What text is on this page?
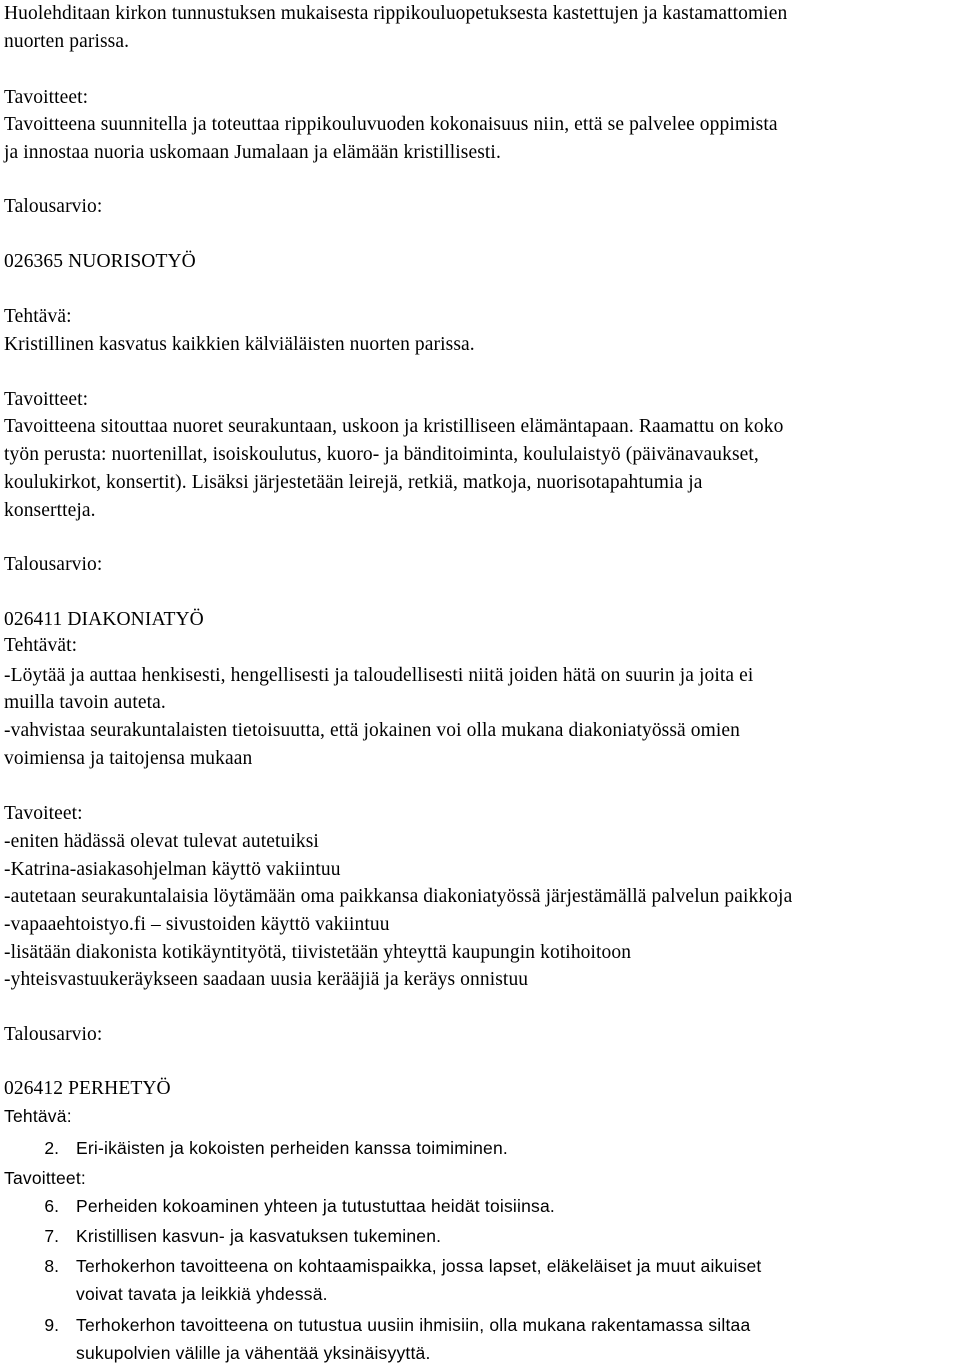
Huolehditaan kirkon tunnustuksen mukaisesta rippikouluopetuksesta kastettujen ja kastamattomien

nuorten parissa.

Tavoitteet:

Tavoitteena suunnitella ja toteuttaa rippikouluvuoden kokonaisuus niin, että se palvelee oppimista

ja innostaa nuoria uskomaan Jumalaan ja elämään kristillisesti.

Talousarvio:

026365 NUORISOTYÖ

Tehtävä:

Kristillinen kasvatus kaikkien kälviäläisten nuorten parissa.

Tavoitteet:

Tavoitteena sitouttaa nuoret seurakuntaan, uskoon ja kristilliseen elämäntapaan. Raamattu on koko

työn perusta: nuortenillat, isoiskoulutus, kuoro- ja bänditoiminta, koululaistyö (päivänavaukset,

koulukirkot, konsertit). Lisäksi järjestetään leirejä, retkiä, matkoja, nuorisotapahtumia ja

konsertteja.

Talousarvio:

026411 DIAKONIATYÖ

Tehtävät:

-Löytää ja auttaa henkisesti, hengellisesti ja taloudellisesti niitä joiden hätä on suurin ja joita ei

muilla tavoin auteta.

-vahvistaa seurakuntalaisten tietoisuutta, että jokainen voi olla mukana diakoniatyössä omien

voimiensa ja taitojensa mukaan

Tavoiteet:

-eniten hädässä olevat tulevat autetuiksi

-Katrina-asiakasohjelman käyttö vakiintuu

-autetaan seurakuntalaisia löytämään oma paikkansa diakoniatyössä järjestämällä palvelun paikkoja

-vapaaehtoistyo.fi – sivustoiden käyttö vakiintuu

-lisätään diakonista kotikäyntityötä, tiivistetään yhteyttä kaupungin kotihoitoon

-yhteisvastuukeräykseen saadaan uusia kerääjiä ja keräys onnistuu

Talousarvio:

026412 PERHETYÖ

Tehtävä:

2. Eri-ikäisten ja kokoisten perheiden kanssa toimiminen.

Tavoitteet:

6. Perheiden kokoaminen yhteen ja tutustuttaa heidät toisiinsa.

7. Kristillisen kasvun- ja kasvatuksen tukeminen.

8. Terhokerhon tavoitteena on kohtaamispaikka, jossa lapset, eläkeläiset ja muut aikuiset

voivat tavata ja leikkiä yhdessä.

9. Terhokerhon tavoitteena on tutustua uusiin ihmisiin, olla mukana rakentamassa siltaa

sukupolvien välille ja vähentää yksinäisyyttä.
